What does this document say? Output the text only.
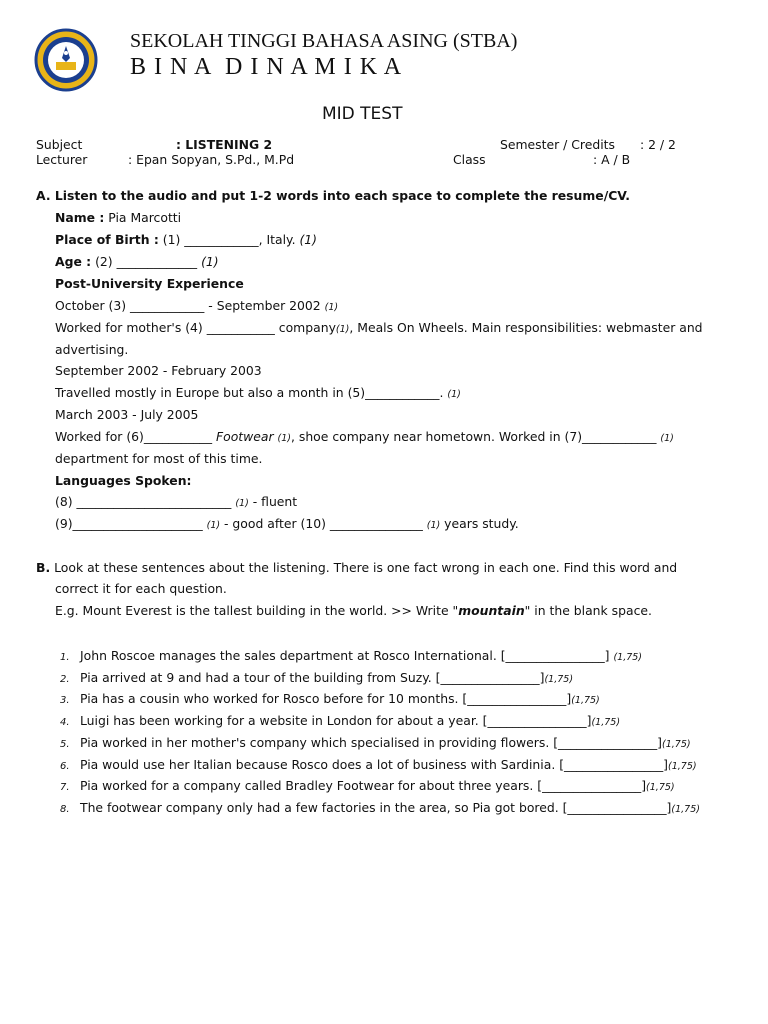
SEKOLAH TINGGI BAHASA ASING (STBA)
B I N A  D I N A M I K A
MID TEST
Subject	: LISTENING 2	Semester / Credits : 2 / 2
Lecturer	: Epan Sopyan, S.Pd., M.Pd	Class	: A / B
A. Listen to the audio and put 1-2 words into each space to complete the resume/CV.
Name : Pia Marcotti
Place of Birth : (1) ____________, Italy. (1)
Age : (2) _____________ (1)
Post-University Experience
October (3) ____________ - September 2002 (1)
Worked for mother's (4) ___________ company(1), Meals On Wheels. Main responsibilities: webmaster and
advertising.
September 2002 - February 2003
Travelled mostly in Europe but also a month in (5)____________. (1)
March 2003 - July 2005
Worked for (6)___________ Footwear (1), shoe company near hometown. Worked in (7)____________ (1)
department for most of this time.
Languages Spoken:
(8) _________________________ (1) - fluent
(9)_____________________ (1) - good after (10) _______________ (1) years study.
B. Look at these sentences about the listening. There is one fact wrong in each one. Find this word and
correct it for each question.
E.g. Mount Everest is the tallest building in the world. >> Write "mountain" in the blank space.
1. John Roscoe manages the sales department at Rosco International. [________________] (1,75)
2. Pia arrived at 9 and had a tour of the building from Suzy. [________________](1,75)
3. Pia has a cousin who worked for Rosco before for 10 months. [________________](1,75)
4. Luigi has been working for a website in London for about a year. [________________](1,75)
5. Pia worked in her mother's company which specialised in providing flowers. [________________](1,75)
6. Pia would use her Italian because Rosco does a lot of business with Sardinia. [________________](1,75)
7. Pia worked for a company called Bradley Footwear for about three years. [________________](1,75)
8. The footwear company only had a few factories in the area, so Pia got bored. [________________](1,75)
